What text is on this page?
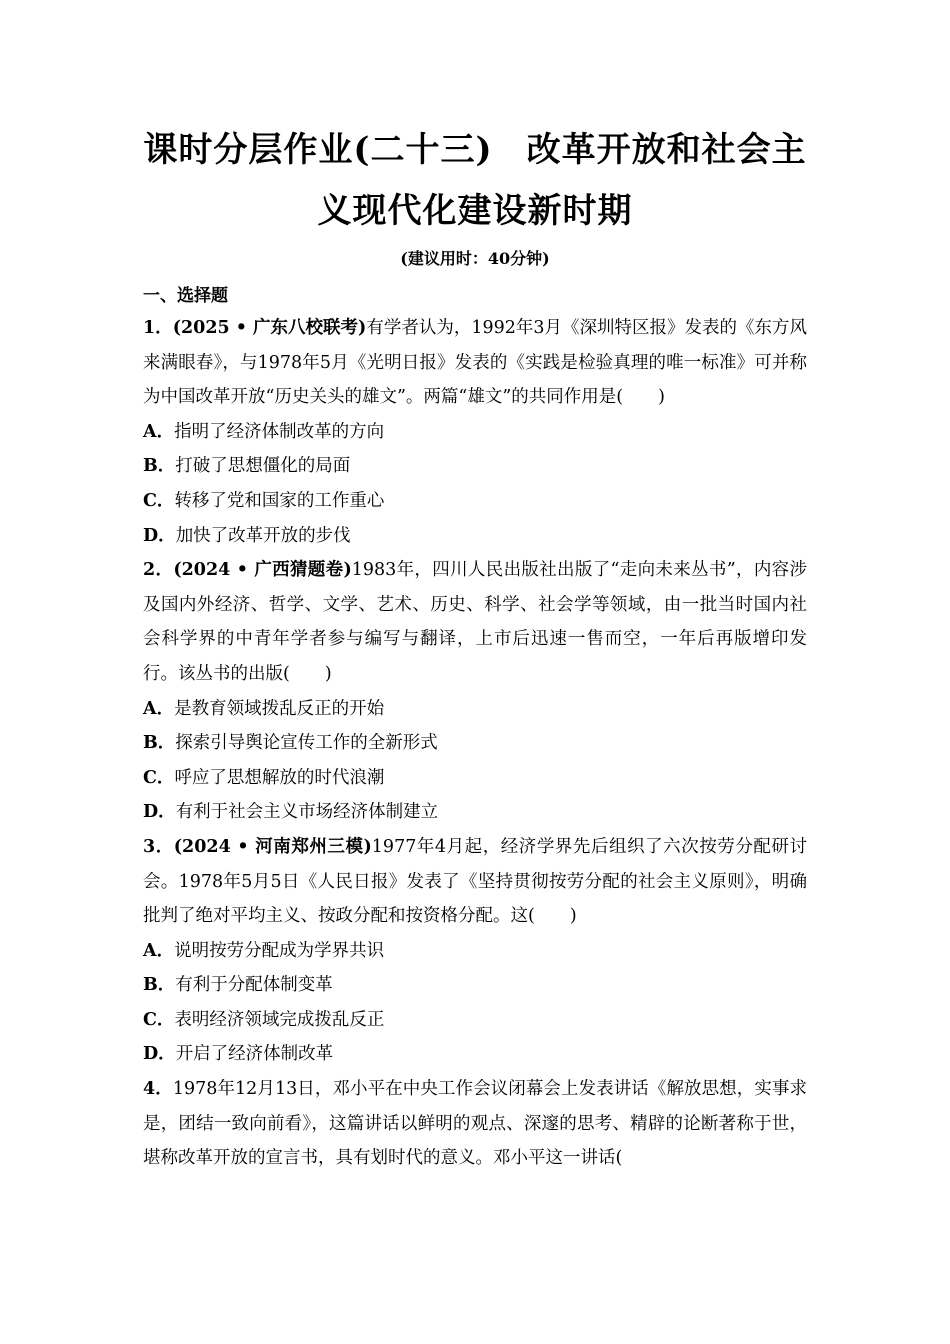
课时分层作业(二十三) 改革开放和社会主
义现代化建设新时期
(建议用时：40分钟)
一、选择题
1．(2025 • 广东八校联考)有学者认为，1992年3月《深圳特区报》发表的《东方风来满眼春》，与1978年5月《光明日报》发表的《实践是检验真理的唯一标准》可并称为中国改革开放“历史关头的雄文”。两篇“雄文”的共同作用是(　　)
A．指明了经济体制改革的方向
B．打破了思想僵化的局面
C．转移了党和国家的工作重心
D．加快了改革开放的步伐
2．(2024 • 广西猜题卷)1983年，四川人民出版社出版了“走向未来丛书”，内容涉及国内外经济、哲学、文学、艺术、历史、科学、社会学等领域，由一批当时国内社会科学界的中青年学者参与编写与翻译，上市后迅速一售而空，一年后再版增印发行。该丛书的出版(　　)
A．是教育领域拨乱反正的开始
B．探索引导舆论宣传工作的全新形式
C．呼应了思想解放的时代浪潮
D．有利于社会主义市场经济体制建立
3．(2024 • 河南郑州三模)1977年4月起，经济学界先后组织了六次按劳分配研讨会。1978年5月5日《人民日报》发表了《坚持贯彻按劳分配的社会主义原则》，明确批判了绝对平均主义、按政分配和按资格分配。这(　　)
A．说明按劳分配成为学界共识
B．有利于分配体制变革
C．表明经济领域完成拨乱反正
D．开启了经济体制改革
4．1978年12月13日，邓小平在中央工作会议闭幕会上发表讲话《解放思想，实事求是，团结一致向前看》，这篇讲话以鲜明的观点、深邃的思考、精辟的论断著称于世，堪称改革开放的宣言书，具有划时代的意义。邓小平这一讲话(
